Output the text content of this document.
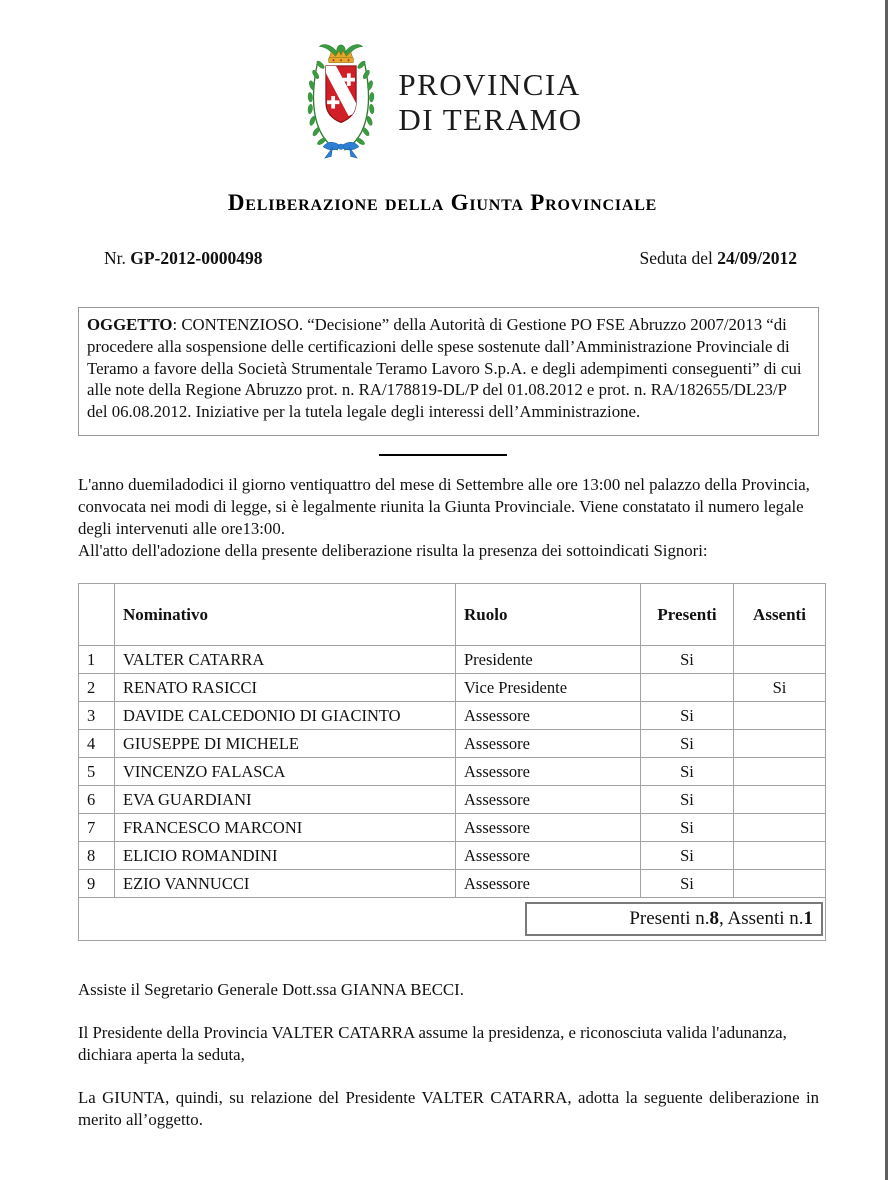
PROVINCIA
DI TERAMO
Deliberazione della Giunta Provinciale
Nr. GP-2012-0000498	Seduta del 24/09/2012
OGGETTO: CONTENZIOSO. “Decisione” della Autorità di Gestione PO FSE Abruzzo 2007/2013 “di procedere alla sospensione delle certificazioni delle spese sostenute dall’Amministrazione Provinciale di Teramo a favore della Società Strumentale Teramo Lavoro S.p.A. e degli adempimenti conseguenti” di cui alle note della Regione Abruzzo prot. n. RA/178819-DL/P del 01.08.2012 e prot. n. RA/182655/DL23/P del 06.08.2012. Iniziative per la tutela legale degli interessi dell’Amministrazione.

L'anno duemiladodici il giorno ventiquattro del mese di Settembre alle ore 13:00 nel palazzo della Provincia, convocata nei modi di legge, si è legalmente riunita la Giunta Provinciale. Viene constatato il numero legale degli intervenuti alle ore13:00.

All'atto dell'adozione della presente deliberazione risulta la presenza dei sottoindicati Signori:

	Nominativo	Ruolo	Presenti	Assenti
1	VALTER CATARRA	Presidente	Si	
2	RENATO RASICCI	Vice Presidente		Si
3	DAVIDE CALCEDONIO DI GIACINTO	Assessore	Si	
4	GIUSEPPE DI MICHELE	Assessore	Si	
5	VINCENZO FALASCA	Assessore	Si	
6	EVA GUARDIANI	Assessore	Si	
7	FRANCESCO MARCONI	Assessore	Si	
8	ELICIO ROMANDINI	Assessore	Si	
9	EZIO VANNUCCI	Assessore	Si	

Presenti n. 8 , Assenti n. 1				

Assiste il Segretario Generale Dott.ssa GIANNA BECCI.

Il Presidente della Provincia VALTER CATARRA assume la presidenza, e riconosciuta valida l'adunanza, dichiara aperta la seduta,

La GIUNTA, quindi, su relazione del Presidente VALTER CATARRA, adotta la seguente deliberazione in merito all’oggetto.
